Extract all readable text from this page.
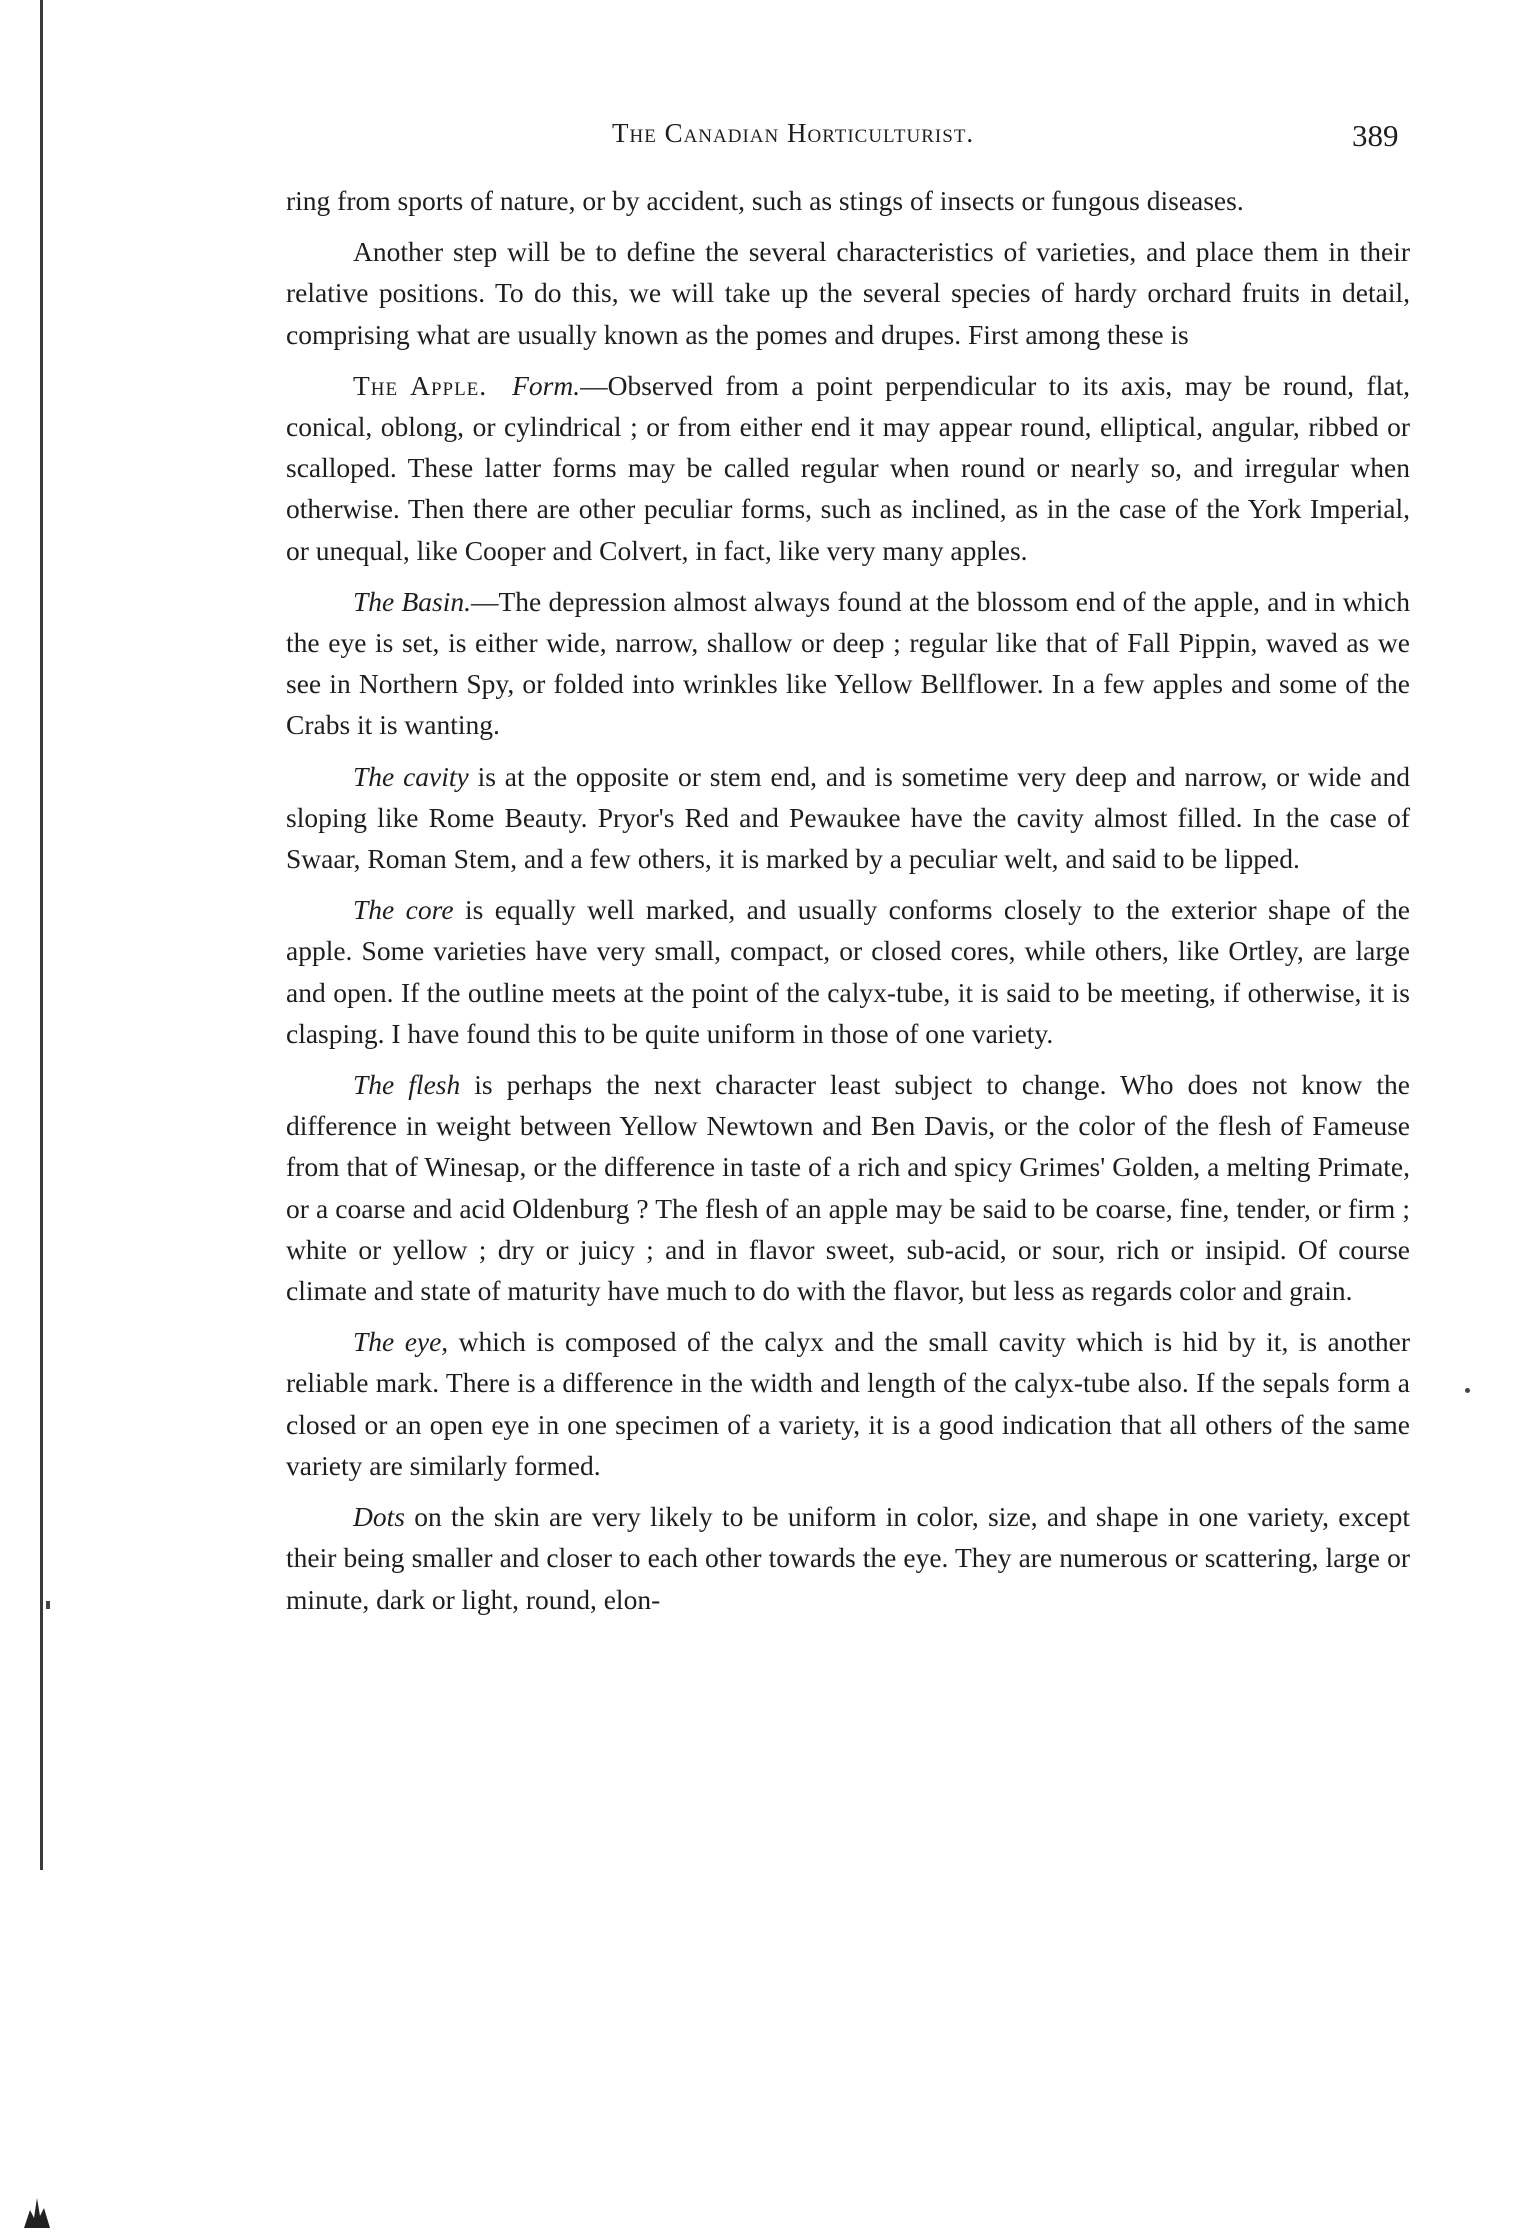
The Canadian Horticulturist.	389

ring from sports of nature, or by accident, such as stings of insects or fungous diseases.

Another step will be to define the several characteristics of varieties, and place them in their relative positions. To do this, we will take up the several species of hardy orchard fruits in detail, comprising what are usually known as the pomes and drupes. First among these is

The Apple. Form.—Observed from a point perpendicular to its axis, may be round, flat, conical, oblong, or cylindrical ; or from either end it may appear round, elliptical, angular, ribbed or scalloped. These latter forms may be called regular when round or nearly so, and irregular when otherwise. Then there are other peculiar forms, such as inclined, as in the case of the York Imperial, or unequal, like Cooper and Colvert, in fact, like very many apples.

The Basin.—The depression almost always found at the blossom end of the apple, and in which the eye is set, is either wide, narrow, shallow or deep ; regular like that of Fall Pippin, waved as we see in Northern Spy, or folded into wrinkles like Yellow Bellflower. In a few apples and some of the Crabs it is wanting.

The cavity is at the opposite or stem end, and is sometime very deep and narrow, or wide and sloping like Rome Beauty. Pryor's Red and Pewaukee have the cavity almost filled. In the case of Swaar, Roman Stem, and a few others, it is marked by a peculiar welt, and said to be lipped.

The core is equally well marked, and usually conforms closely to the exterior shape of the apple. Some varieties have very small, compact, or closed cores, while others, like Ortley, are large and open. If the outline meets at the point of the calyx-tube, it is said to be meeting, if otherwise, it is clasping. I have found this to be quite uniform in those of one variety.

The flesh is perhaps the next character least subject to change. Who does not know the difference in weight between Yellow Newtown and Ben Davis, or the color of the flesh of Fameuse from that of Winesap, or the difference in taste of a rich and spicy Grimes' Golden, a melting Primate, or a coarse and acid Oldenburg ? The flesh of an apple may be said to be coarse, fine, tender, or firm ; white or yellow ; dry or juicy ; and in flavor sweet, sub-acid, or sour, rich or insipid. Of course climate and state of maturity have much to do with the flavor, but less as regards color and grain.

The eye, which is composed of the calyx and the small cavity which is hid by it, is another reliable mark. There is a difference in the width and length of the calyx-tube also. If the sepals form a closed or an open eye in one specimen of a variety, it is a good indication that all others of the same variety are similarly formed.

Dots on the skin are very likely to be uniform in color, size, and shape in one variety, except their being smaller and closer to each other towards the eye. They are numerous or scattering, large or minute, dark or light, round, elon-
